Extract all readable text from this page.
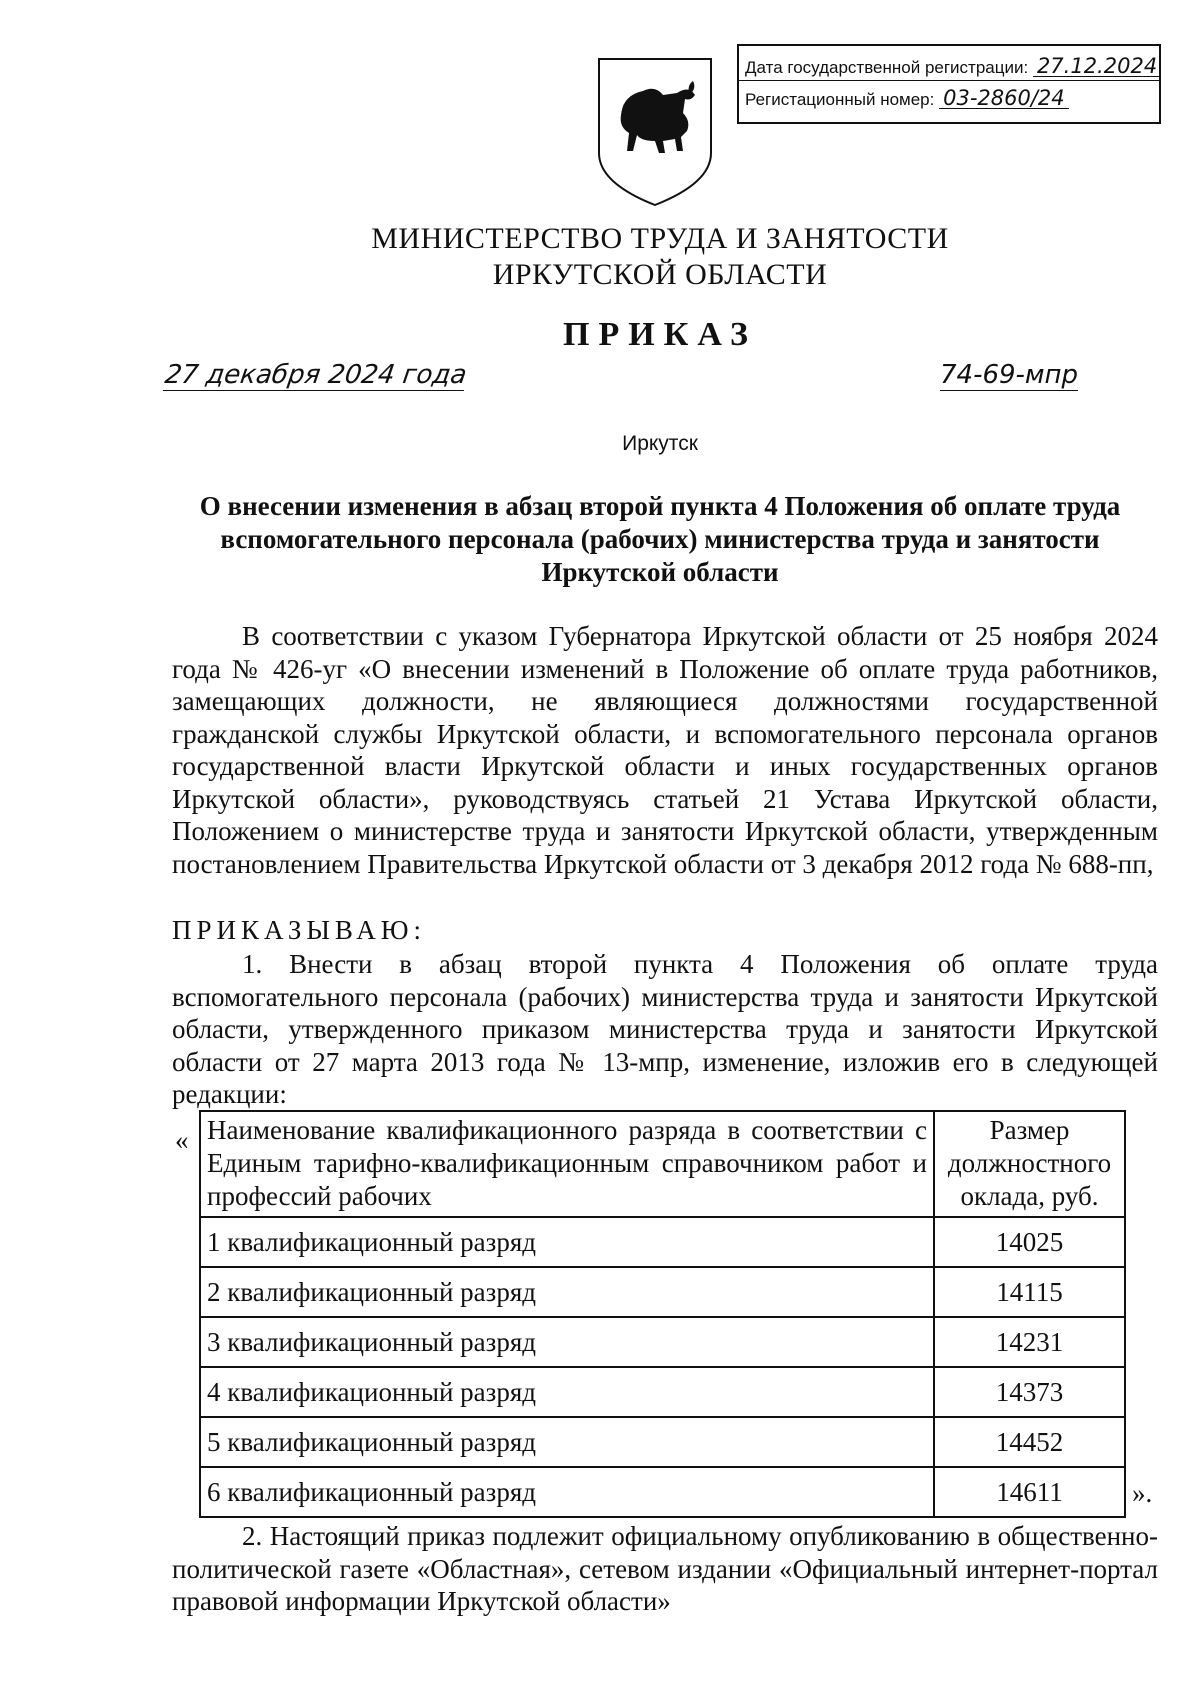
Дата государственной регистрации: 27.12.2024
Регистационный номер: 03-2860/24
МИНИСТЕРСТВО ТРУДА И ЗАНЯТОСТИ
ИРКУТСКОЙ ОБЛАСТИ
ПРИКАЗ
27 декабря 2024 года	74-69-мпр
Иркутск
О внесении изменения в абзац второй пункта 4 Положения об оплате труда вспомогательного персонала (рабочих) министерства труда и занятости Иркутской области
В соответствии с указом Губернатора Иркутской области от 25 ноября 2024 года № 426-уг «О внесении изменений в Положение об оплате труда работников, замещающих должности, не являющиеся должностями государственной гражданской службы Иркутской области, и вспомогательного персонала органов государственной власти Иркутской области и иных государственных органов Иркутской области», руководствуясь статьей 21 Устава Иркутской области, Положением о министерстве труда и занятости Иркутской области, утвержденным постановлением Правительства Иркутской области от 3 декабря 2012 года № 688-пп,
ПРИКАЗЫВАЮ:
1. Внести в абзац второй пункта 4 Положения об оплате труда вспомогательного персонала (рабочих) министерства труда и занятости Иркутской области, утвержденного приказом министерства труда и занятости Иркутской области от 27 марта 2013 года № 13-мпр, изменение, изложив его в следующей редакции:
« Наименование квалификационного разряда в соответствии с Единым тарифно-квалификационным справочником работ и профессий рабочих	Размер должностного оклада, руб.
1 квалификационный разряд	14025
2 квалификационный разряд	14115
3 квалификационный разряд	14231
4 квалификационный разряд	14373
5 квалификационный разряд	14452
6 квалификационный разряд	14611	».
2. Настоящий приказ подлежит официальному опубликованию в общественно-политической газете «Областная», сетевом издании «Официальный интернет-портал правовой информации Иркутской области»
